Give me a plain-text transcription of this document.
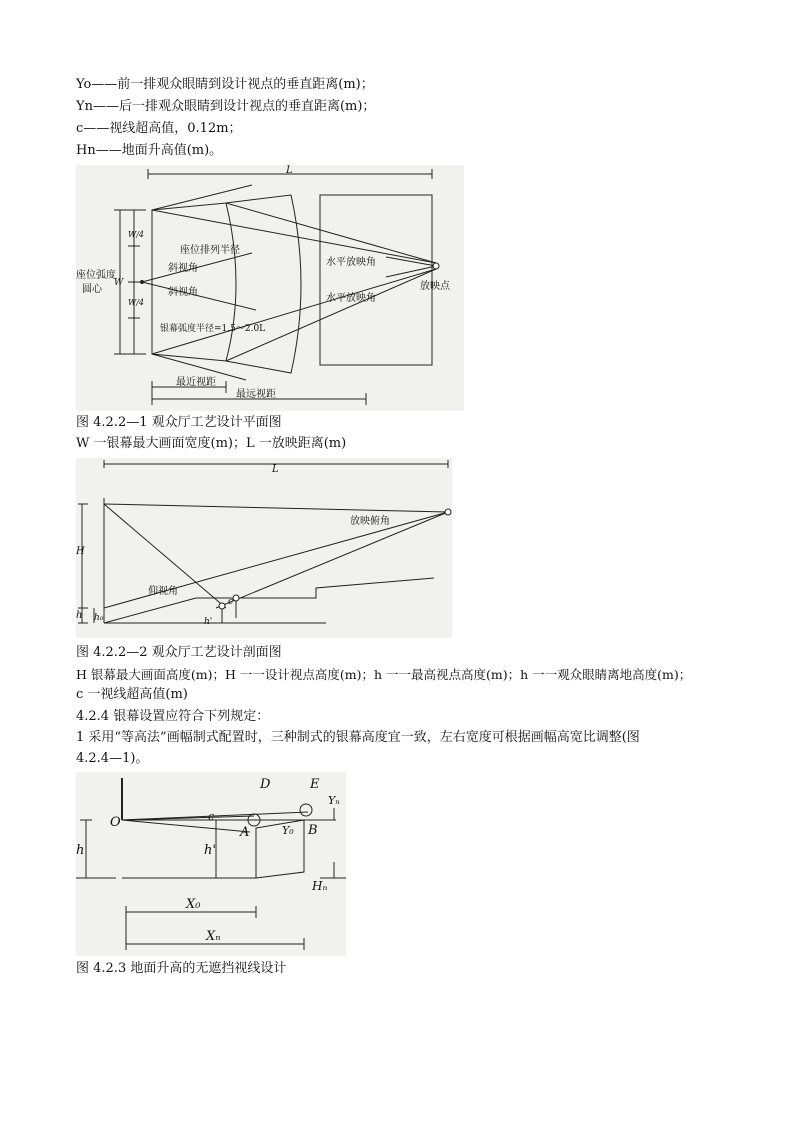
Yo——前一排观众眼睛到设计视点的垂直距离(m)；
Yn——后一排观众眼睛到设计视点的垂直距离(m)；
c——视线超高值，0.12m；
Hn——地面升高值(m)。
L
座位排列半径
斜视角
斜视角
座位弧度
圆心
银幕弧度半径=1.5～2.0L
水平放映角
水平放映角
放映点
最近视距
最远视距
W
W/4
W/4
图 4.2.2—1 观众厅工艺设计平面图
W 一银幕最大画面宽度(m)；L 一放映距离(m)
L
放映俯角
仰视角
H
h h₀	h'
c
图 4.2.2—2 观众厅工艺设计剖面图
H 银幕最大画面高度(m)；H 一一设计视点高度(m)；h 一一最高视点高度(m)；h 一一观众眼睛离地高度(m)；
c 一视线超高值(m)
4.2.4 银幕设置应符合下列规定：
1 采用“等高法”画幅制式配置时，三种制式的银幕高度宜一致，左右宽度可根据画幅高宽比调整(图
4.2.4—1)。
O
D	E
A	B
c
Y₀
Yₙ
h	h'
Hₙ
X₀
Xₙ
图 4.2.3 地面升高的无遮挡视线设计
